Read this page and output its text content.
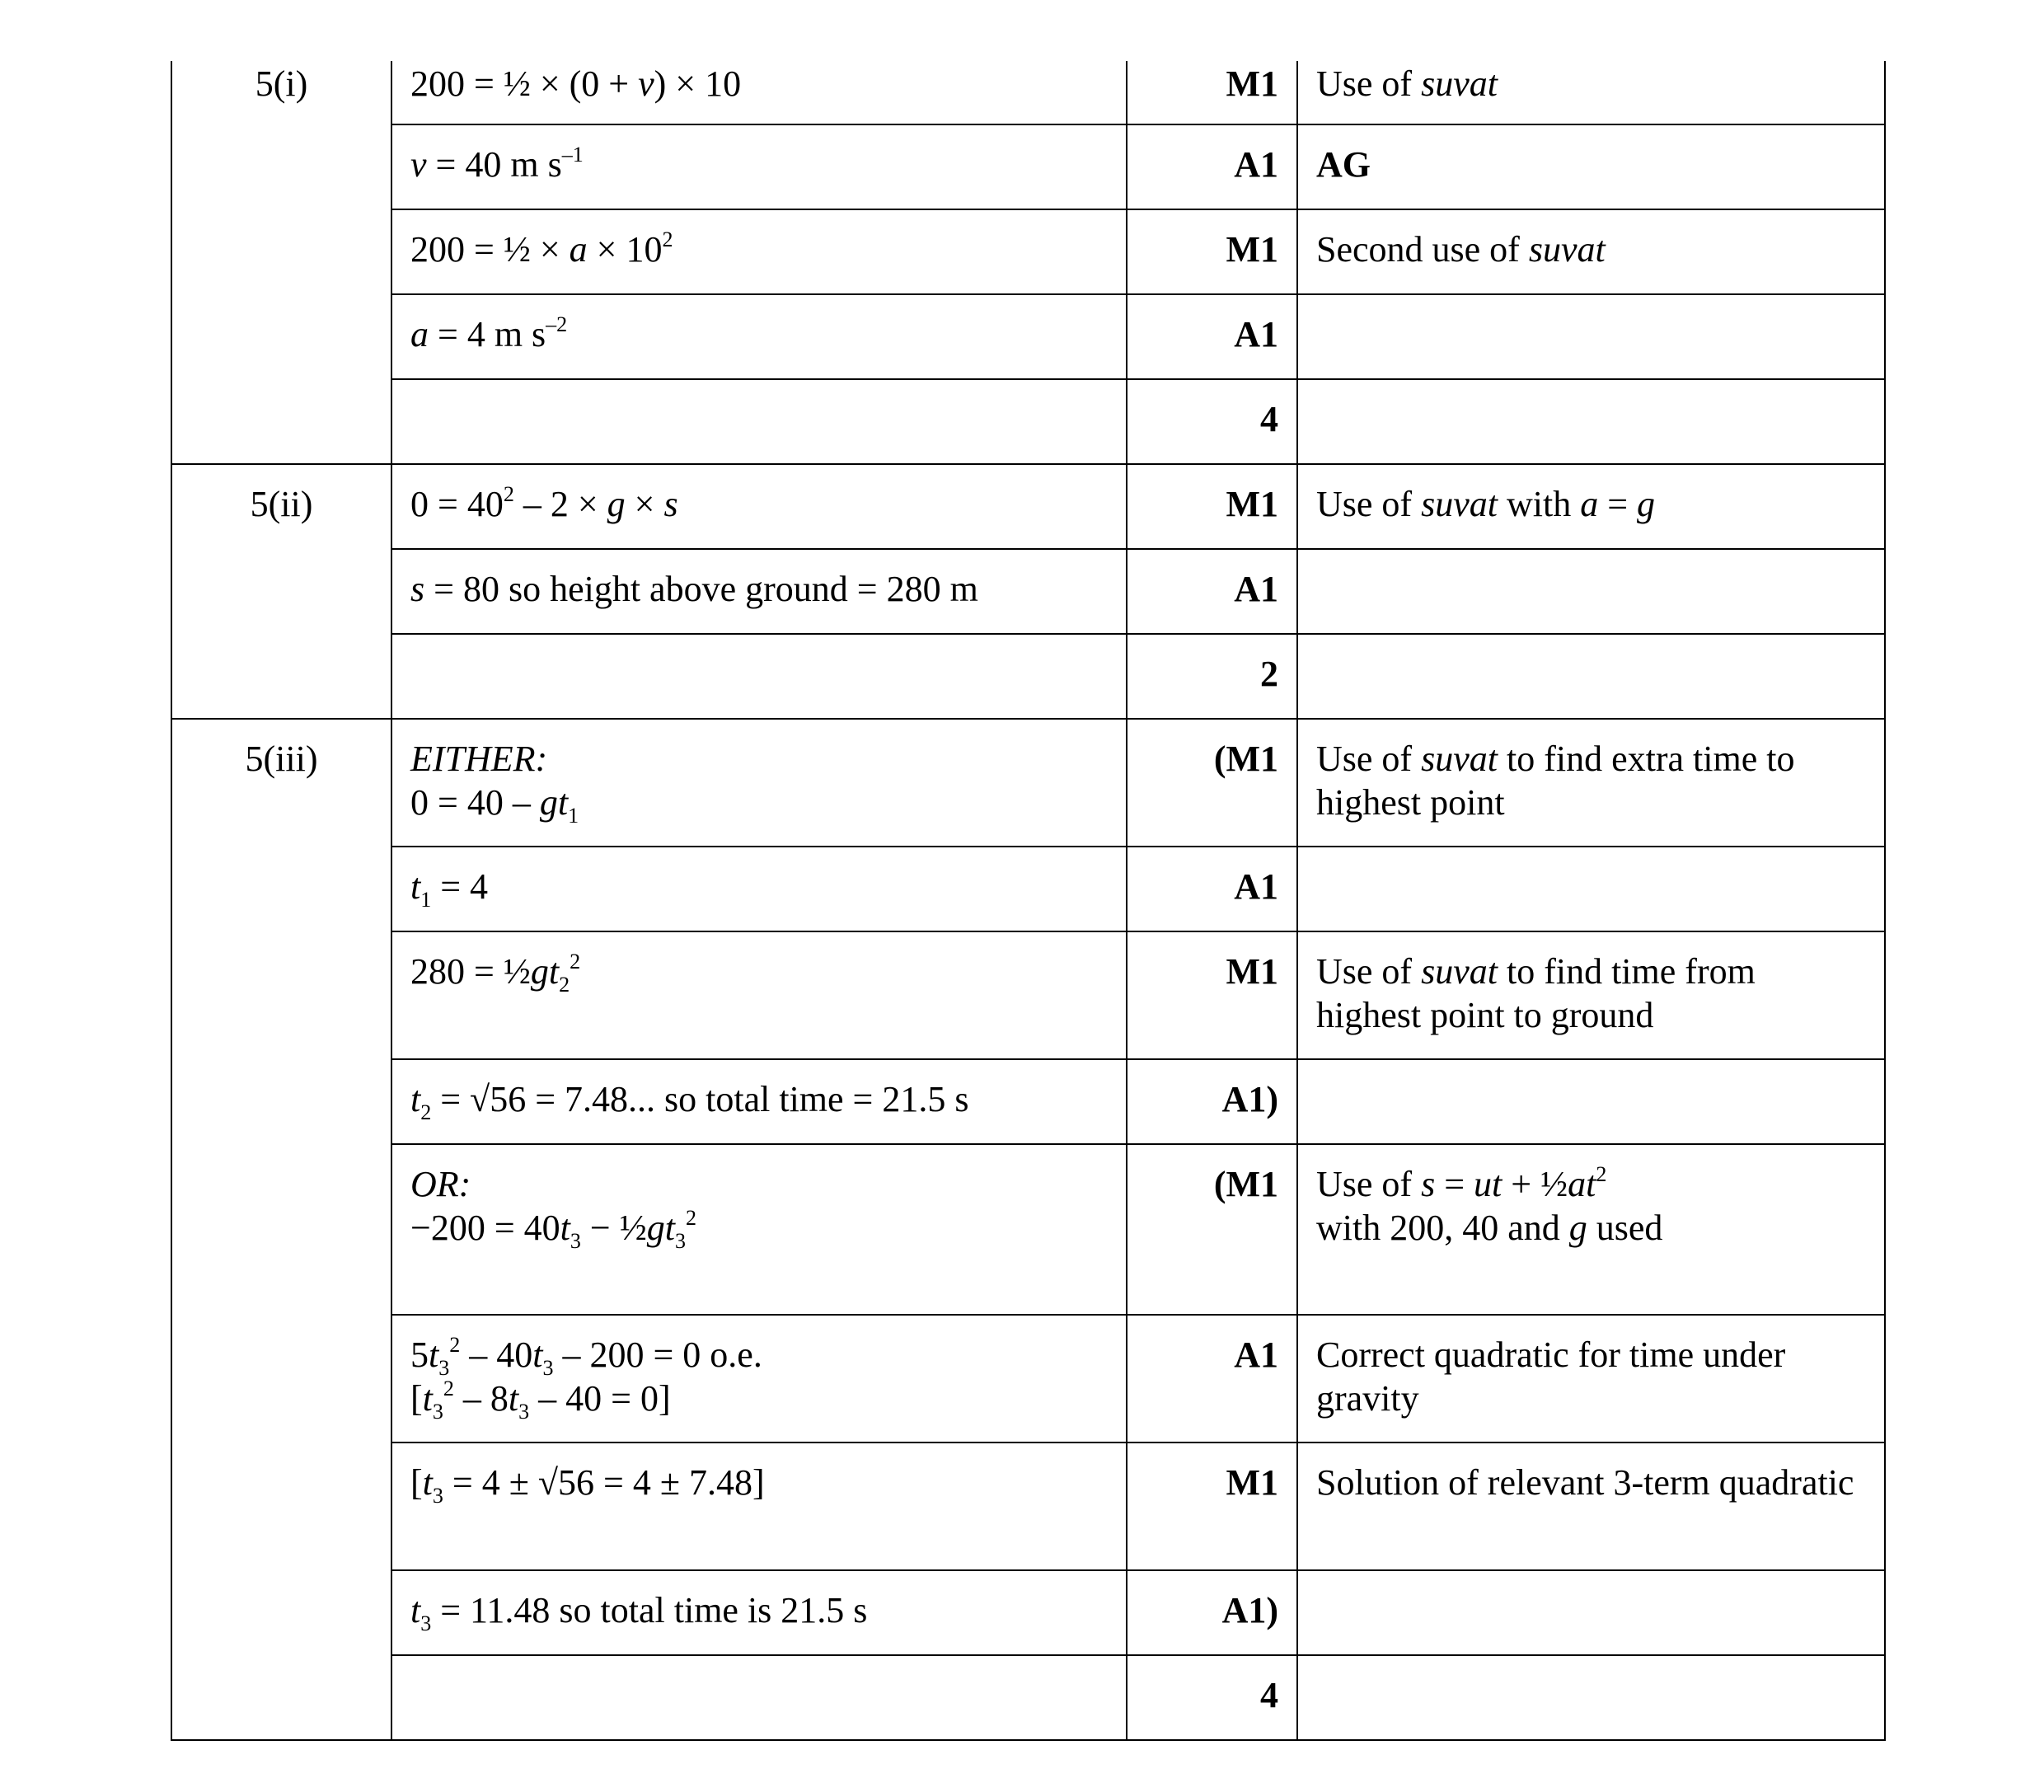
5(i)	200 = ½ × (0 + v) × 10	M1	Use of suvat

	v = 40 m $s^{-1}$	A1	AG

	200 = ½ × $a \times 10^2$	M1	Second use of suvat

	a = 4 m $s^{-2}$	A1	

		4	

5(ii)	$0 = 40^2 - 2 \times g \times s$	M1	Use of suvat with a = g

	s = 80 so height above ground = 280 m	A1	

		2	

5(iii)	EITHER:
$0 = 40 - gt_1$	(M1	Use of suvat to find extra time to highest point

	$t_1 = 4$	A1	

	$280 = \frac{1}{2}gt_2^2$	M1	Use of suvat to find time from highest point to ground

	$t_2 = √56 = 7.48$... so total time = 21.5 s	A1)	

	OR:
$-200 = 40t_3$ − $\frac{1}{2}gt_3^2$	(M1	Use of s = ut + $\frac{1}{2}at^2$
with 200, 40 and g used

	$5t_3^2 - 40t_3 - 200 = 0$ o.e.
$[t_3^2 - 8t_3 - 40 = 0]$	A1	Correct quadratic for time under gravity

	$[t_3 = 4 \pm √56 = 4 \pm 7.48]$	M1	Solution of relevant 3-term quadratic

	$t_3 = 11.48$ so total time is 21.5 s	A1)	

		4	
